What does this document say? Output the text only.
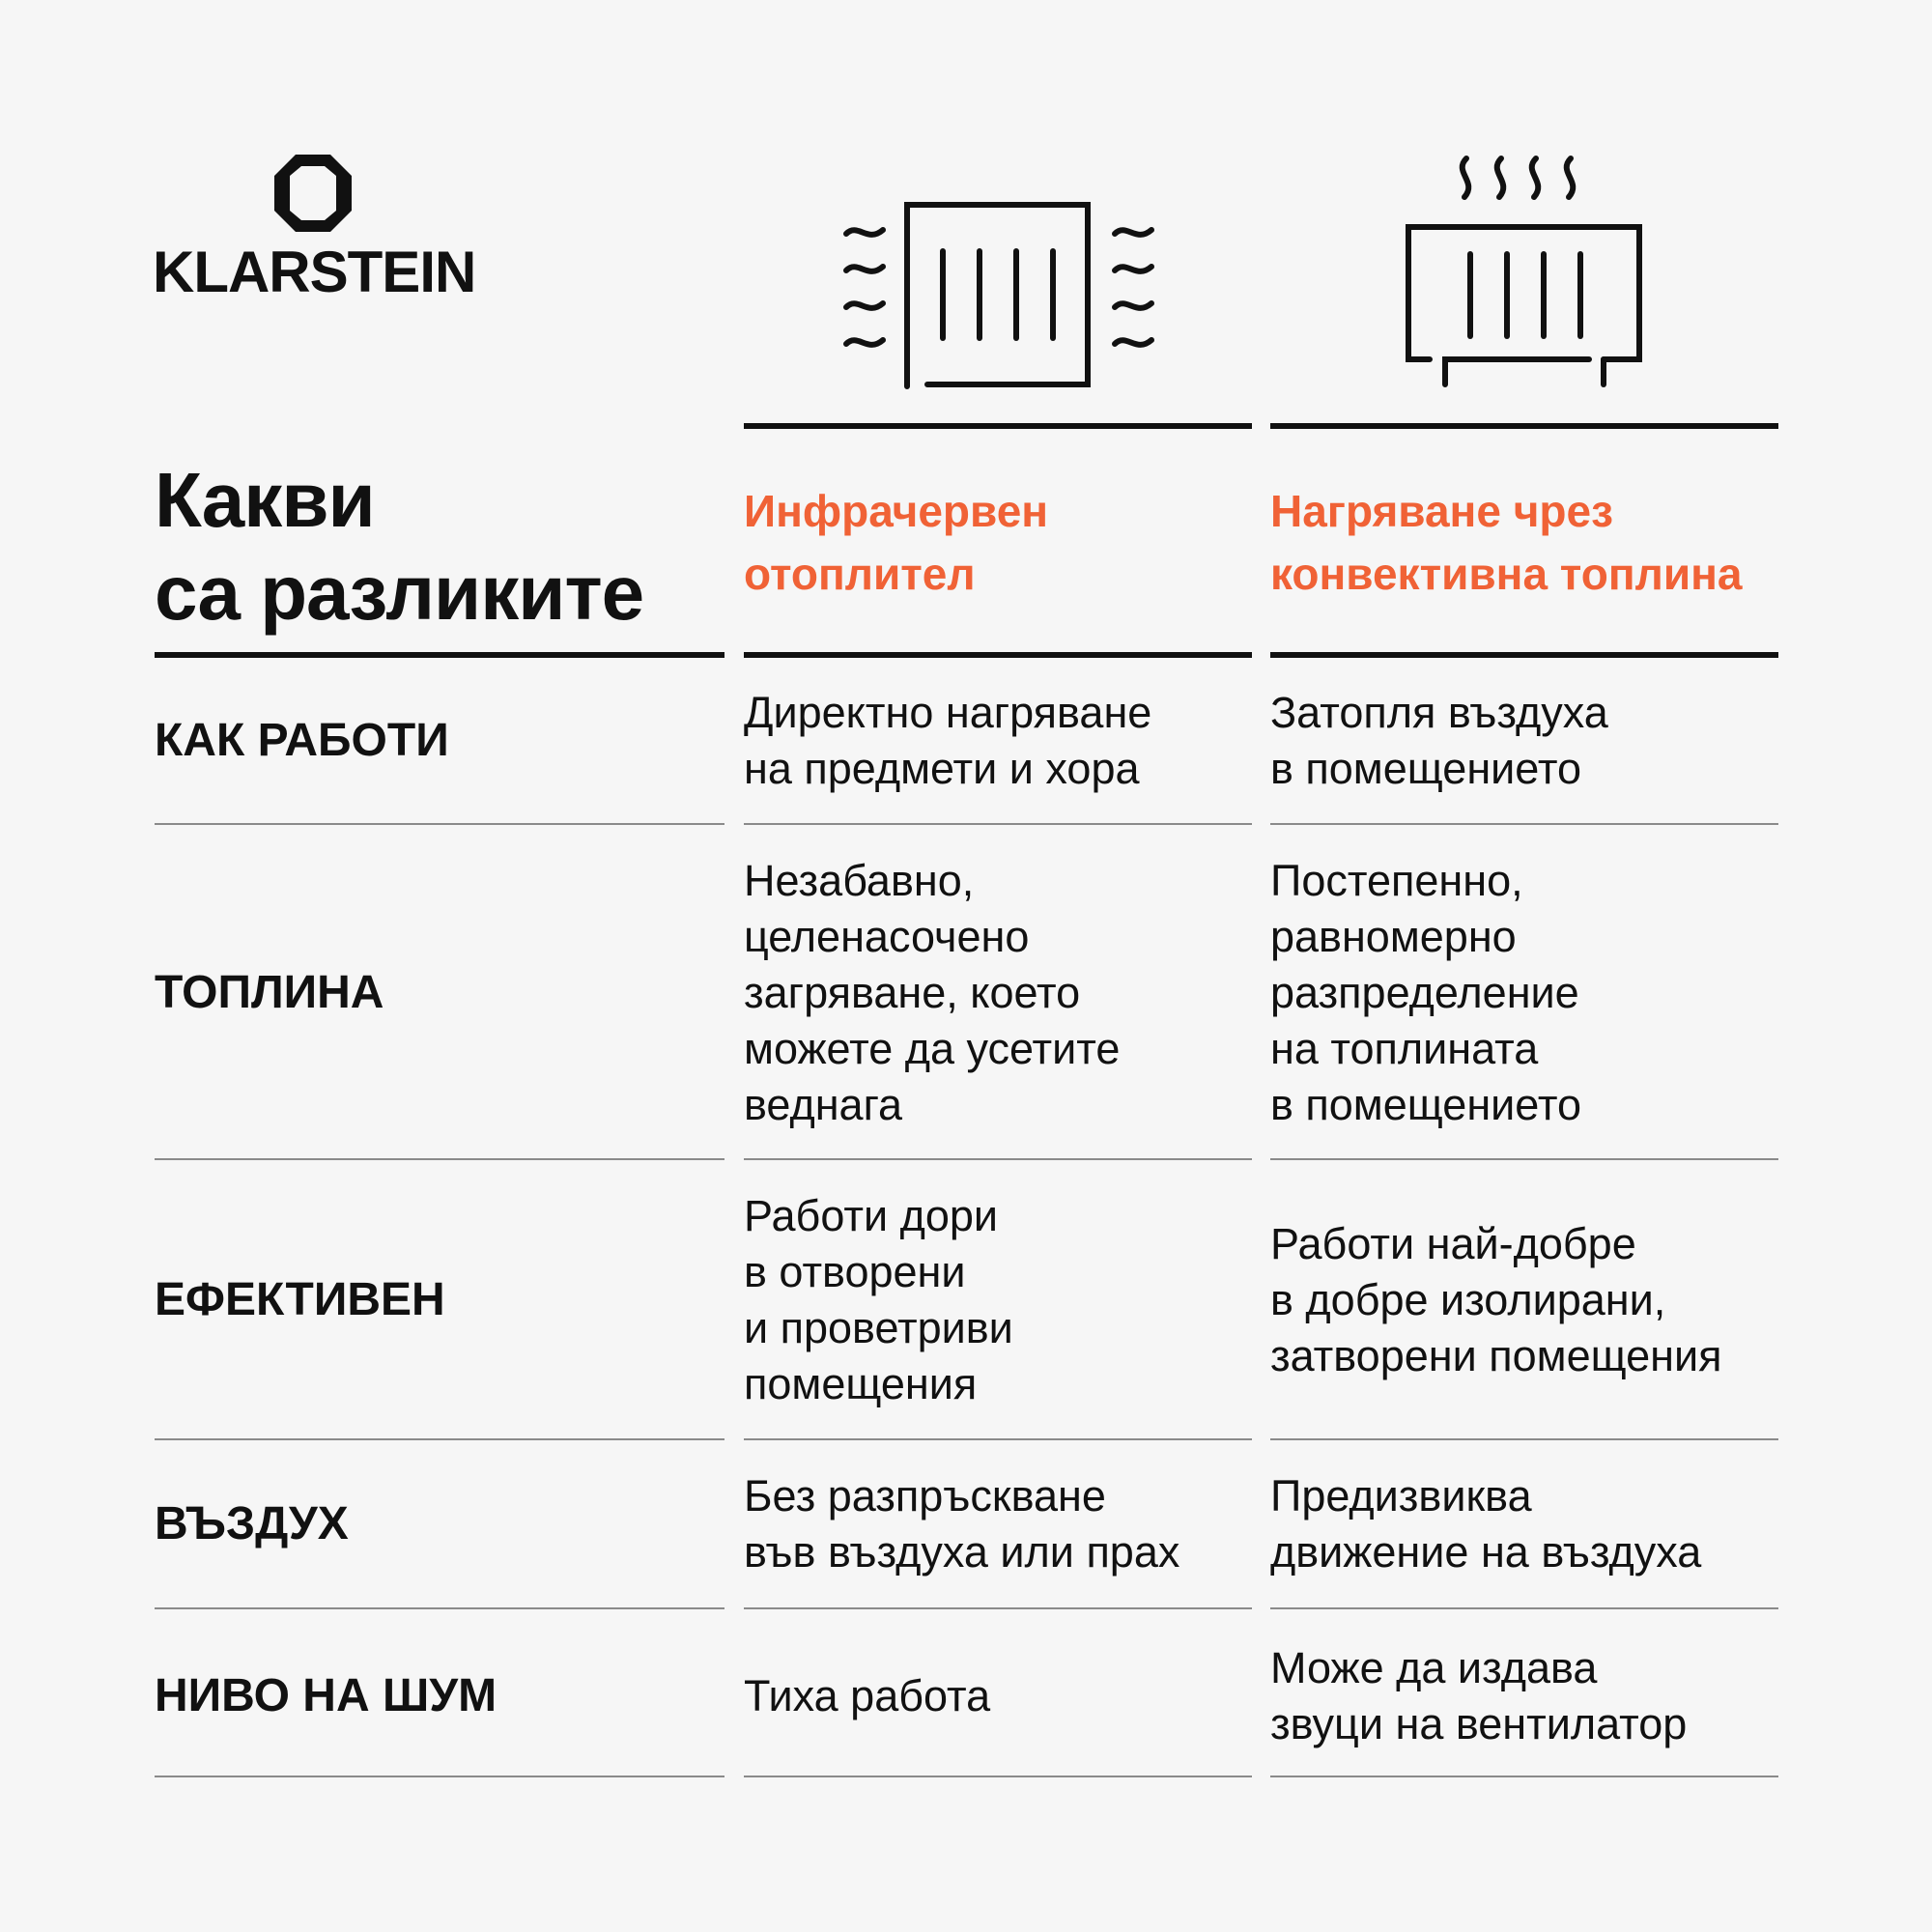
KLARSTEIN
Какви
са разликите
Инфрачервен
отоплител
Нагряване чрез
конвективна топлина
КАК РАБОТИ
Директно нагряване
на предмети и хора
Затопля въздуха
в помещението
ТОПЛИНА
Незабавно,
целенасочено
загряване, което
можете да усетите
веднага
Постепенно,
равномерно
разпределение
на топлината
в помещението
ЕФЕКТИВЕН
Работи дори
в отворени
и проветриви
помещения
Работи най-добре
в добре изолирани,
затворени помещения
ВЪЗДУХ
Без разпръскване
във въздуха или прах
Предизвиква
движение на въздуха
НИВО НА ШУМ	Тиха работа
Може да издава
звуци на вентилатор
